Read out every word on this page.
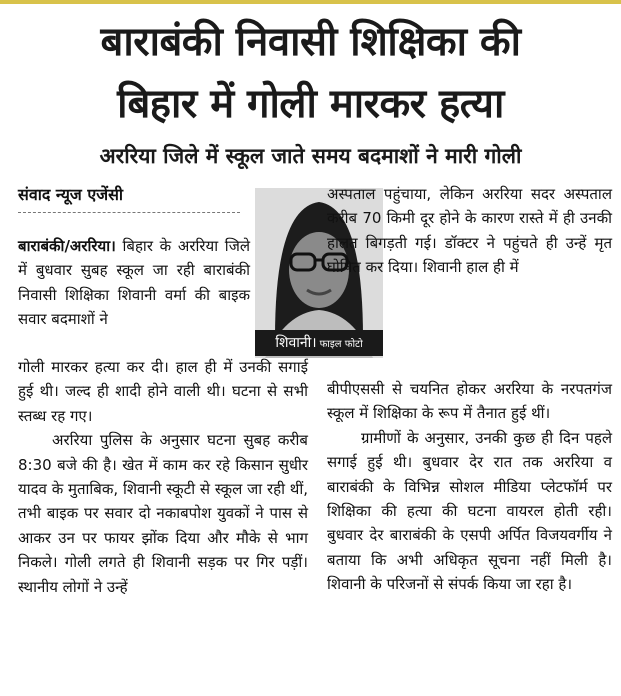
बाराबंकी निवासी शिक्षिका की
बिहार में गोली मारकर हत्या
अररिया जिले में स्कूल जाते समय बदमाशों ने मारी गोली
संवाद न्यूज एजेंसी

बाराबंकी/अररिया। बिहार के अररिया जिले में बुधवार सुबह स्कूल जा रही बाराबंकी निवासी शिक्षिका शिवानी वर्मा की बाइक सवार बदमाशों ने

शिवानी। फाइल फोटो

गोली मारकर हत्या कर दी। हाल ही में उनकी सगाई हुई थी। जल्द ही शादी होने वाली थी। घटना से सभी स्तब्ध रह गए।

अररिया पुलिस के अनुसार घटना सुबह करीब 8:30 बजे की है। खेत में काम कर रहे किसान सुधीर यादव के मुताबिक, शिवानी स्कूटी से स्कूल जा रही थीं, तभी बाइक पर सवार दो नकाबपोश युवकों ने पास से आकर उन पर फायर झोंक दिया और मौके से भाग निकले। गोली लगते ही शिवानी सड़क पर गिर पड़ीं। स्थानीय लोगों ने उन्हें

अस्पताल पहुंचाया, लेकिन अररिया सदर अस्पताल करीब 70 किमी दूर होने के कारण रास्ते में ही उनकी हालत बिगड़ती गई। डॉक्टर ने पहुंचते ही उन्हें मृत घोषित कर दिया। शिवानी हाल ही में

बीपीएससी से चयनित होकर अररिया के नरपतगंज स्कूल में शिक्षिका के रूप में तैनात हुई थीं।

ग्रामीणों के अनुसार, उनकी कुछ ही दिन पहले सगाई हुई थी। बुधवार देर रात तक अररिया व बाराबंकी के विभिन्न सोशल मीडिया प्लेटफॉर्म पर शिक्षिका की हत्या की घटना वायरल होती रही। बुधवार देर बाराबंकी के एसपी अर्पित विजयवर्गीय ने बताया कि अभी अधिकृत सूचना नहीं मिली है। शिवानी के परिजनों से संपर्क किया जा रहा है।
